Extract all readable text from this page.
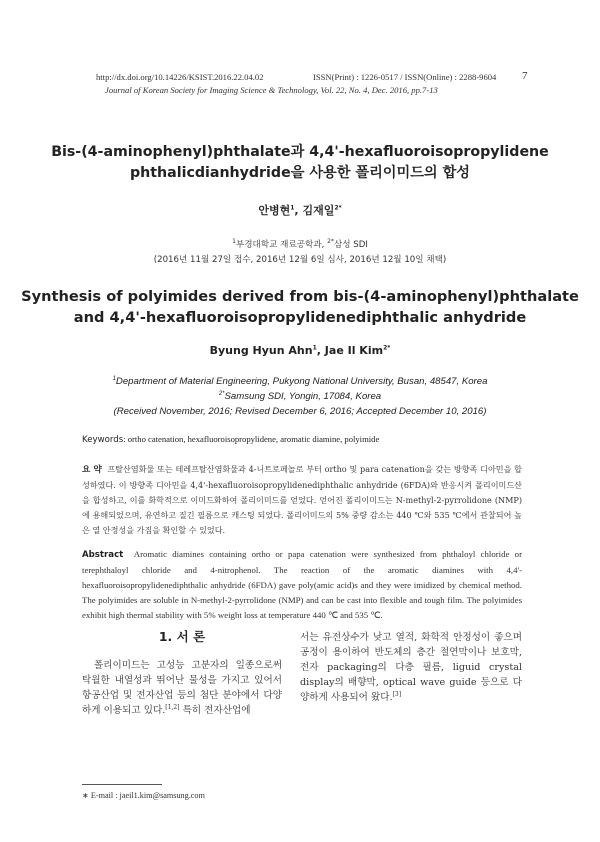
http://dx.doi.org/10.14226/KSIST.2016.22.04.02	ISSN(Print) : 1226-0517 / ISSN(Online) : 2288-9604 7
Journal of Korean Society for Imaging Science & Technology, Vol. 22, No. 4, Dec. 2016, pp.7-13
Bis-(4-aminophenyl)phthalate과 4,4'-hexafluoroisopropylidene
phthalicdianhydride을 사용한 폴리이미드의 합성
안병현$^1$, 김재일$^{2*}$
$^1$부경대학교 재료공학과, $^{2*}$삼성 SDI
(2016년 11월 27일 접수, 2016년 12월 6일 심사, 2016년 12월 10일 채택)
Synthesis of polyimides derived from bis-(4-aminophenyl)phthalate
and 4,4'-hexafluoroisopropylidenediphthalic anhydride
Byung Hyun Ahn$^1$, Jae Il Kim$^{2*}$
$^1$Department of Material Engineering, Pukyong National University, Busan, 48547, Korea
$^{2*}$Samsung SDI, Yongin, 17084, Korea
(Received November, 2016; Revised December 6, 2016; Accepted December 10, 2016)
Keywords: ortho catenation, hexafluoroisopropylidene, aromatic diamine, polyimide
요 약 프탈산염화물 또는 테레프탈산염화물과 4-니트로페놀로 부터 ortho 및 para catenation을 갖는 방향족 디아민을 합성하였다. 이 방향족 디아민을 4,4'-hexafluoroisopropylidenediphthalic anhydride (6FDA)와 반응시켜 폴리이미드산을 합성하고, 이를 화학적으로 이미드화하여 폴리이미드를 얻었다. 얻어진 폴리이미드는 N-methyl-2-pyrrolidone (NMP)에 용해되었으며, 유연하고 질긴 필름으로 캐스팅 되었다. 폴리이미드의 5% 중량 감소는 440 ℃와 535 ℃에서 관찰되어 높은 열 안정성을 가짐을 확인할 수 있었다.
Abstract Aromatic diamines containing ortho or papa catenation were synthesized from phthaloyl chloride or terephthaloyl chloride and 4-nitrophenol. The reaction of the aromatic diamines with 4,4'-hexafluoroisopropylidenediphthalic anhydride (6FDA) gave poly(amic acid)s and they were imidized by chemical method. The polyimides are soluble in N-methyl-2-pyrrolidone (NMP) and can be cast into flexible and tough film. The polyimides exhibit high thermal stability with 5% weight loss at temperature 440 ℃ and 535 ℃.
1. 서 론
폴리이미드는 고성능 고분자의 일종으로써 탁월한 내열성과 뛰어난 물성을 가지고 있어서 항공산업 및 전자산업 등의 첨단 분야에서 다양하게 이용되고 있다.[1,2] 특히 전자산업에
서는 유전상수가 낮고 열적, 화학적 안정성이 좋으며 공정이 용이하여 반도체의 층간 절연막이나 보호막, 전자 packaging의 다층 필름, liguid crystal display의 배향막, optical wave guide 등으로 다양하게 사용되어 왔다.[3]
∗ E-mail : jaeil1.kim@samsung.com
